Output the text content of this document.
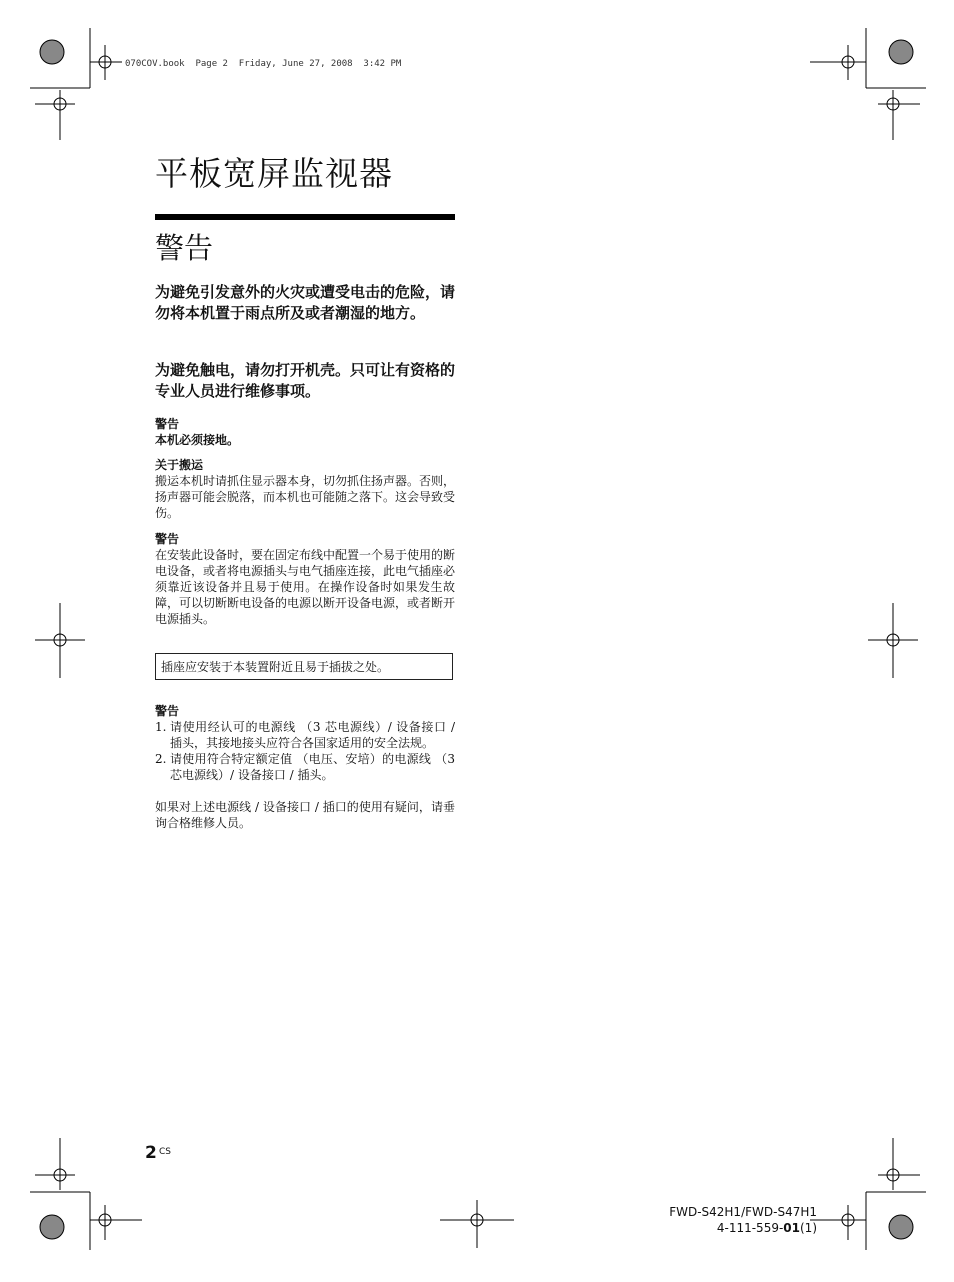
070COV.book  Page 2  Friday, June 27, 2008  3:42 PM
平板宽屏监视器
警告

为避免引发意外的火灾或遭受电击的危险，请勿将本机置于雨点所及或者潮湿的地方。

为避免触电，请勿打开机壳。只可让有资格的专业人员进行维修事项。

警告
本机必须接地。
关于搬运
搬运本机时请抓住显示器本身，切勿抓住扬声器。否则，扬声器可能会脱落，而本机也可能随之落下。这会导致受伤。
警告
在安装此设备时，要在固定布线中配置一个易于使用的断电设备，或者将电源插头与电气插座连接，此电气插座必须靠近该设备并且易于使用。在操作设备时如果发生故障，可以切断断电设备的电源以断开设备电源，或者断开电源插头。
插座应安装于本装置附近且易于插拔之处。
警告
1. 请使用经认可的电源线 （3 芯电源线）/ 设备接口 / 插头，其接地接头应符合各国家适用的安全法规。
2. 请使用符合特定额定值 （电压、安培）的电源线 （3 芯电源线）/ 设备接口 / 插头。
如果对上述电源线 / 设备接口 / 插口的使用有疑问，请垂询合格维修人员。
2 CS
FWD-S42H1/FWD-S47H1
4-111-559-01(1)
